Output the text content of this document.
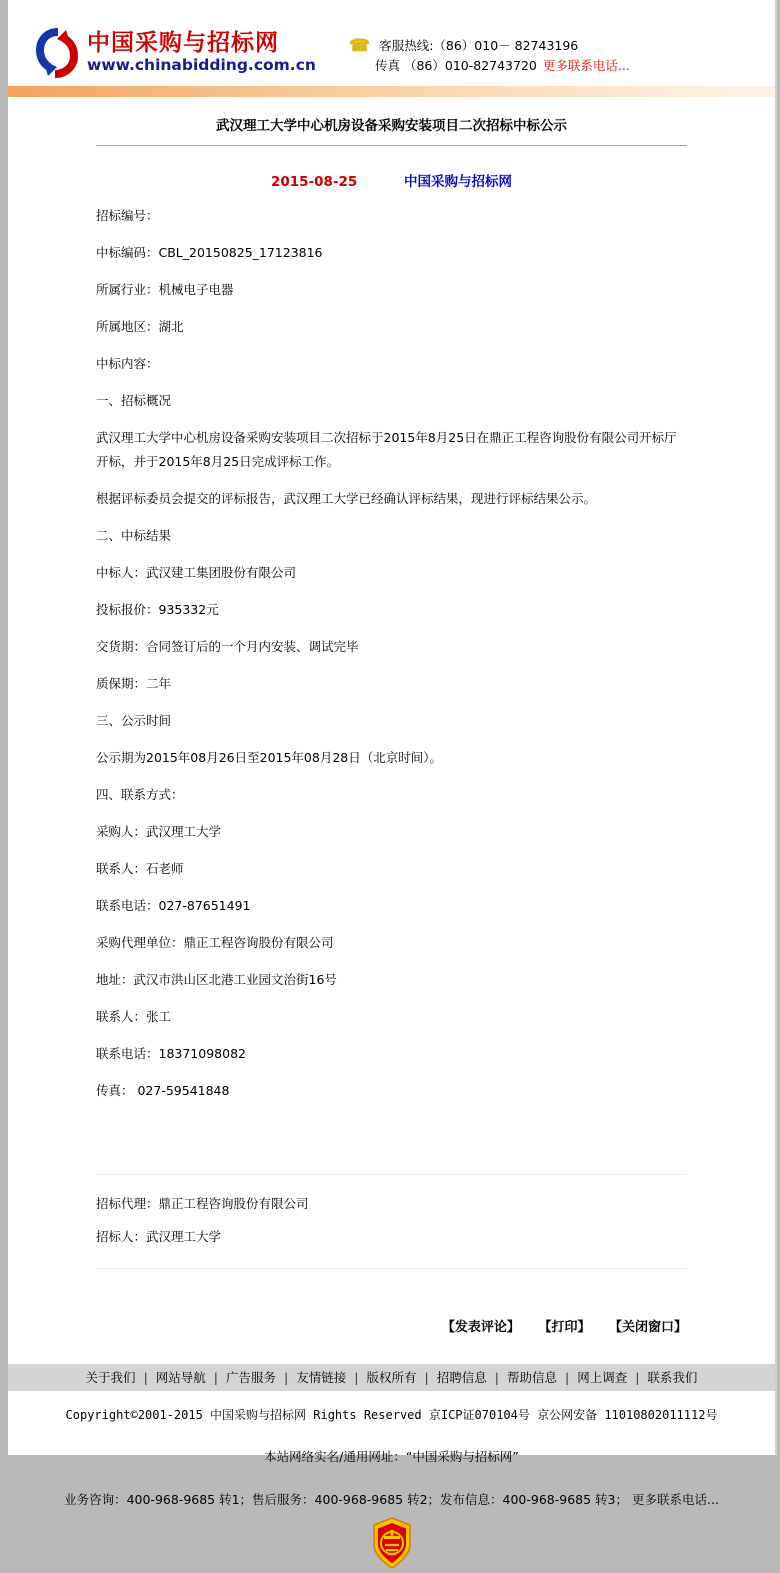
中国采购与招标网
www.chinabidding.com.cn
☎ 客服热线:（86）010－ 82743196
传真 （86）010-82743720 更多联系电话...
武汉理工大学中心机房设备采购安装项目二次招标中标公示
2015-08-25	中国采购与招标网

招标编号：

中标编码：CBL_20150825_17123816

所属行业：机械电子电器

所属地区：湖北

中标内容：

一、招标概况

武汉理工大学中心机房设备采购安装项目二次招标于2015年8月25日在鼎正工程咨询股份有限公司开标厅开标，并于2015年8月25日完成评标工作。

根据评标委员会提交的评标报告，武汉理工大学已经确认评标结果，现进行评标结果公示。

二、中标结果

中标人：武汉建工集团股份有限公司

投标报价：935332元

交货期：合同签订后的一个月内安装、调试完毕

质保期：二年

三、公示时间

公示期为2015年08月26日至2015年08月28日（北京时间）。

四、联系方式：

采购人：武汉理工大学

联系人：石老师

联系电话：027-87651491

采购代理单位：鼎正工程咨询股份有限公司

地址：武汉市洪山区北港工业园文治街16号

联系人：张工

联系电话：18371098082

传真： 027-59541848

招标代理：鼎正工程咨询股份有限公司

招标人：武汉理工大学

【发表评论】 【打印】 【关闭窗口】
关于我们 | 网站导航 | 广告服务 | 友情链接 | 版权所有 | 招聘信息 | 帮助信息 | 网上调查 | 联系我们
Copyright©2001-2015 中国采购与招标网 Rights Reserved 京ICP证070104号 京公网安备 11010802011112号
本站网络实名/通用网址：“中国采购与招标网”
业务咨询：400-968-9685 转1；售后服务：400-968-9685 转2；发布信息：400-968-9685 转3； 更多联系电话...
